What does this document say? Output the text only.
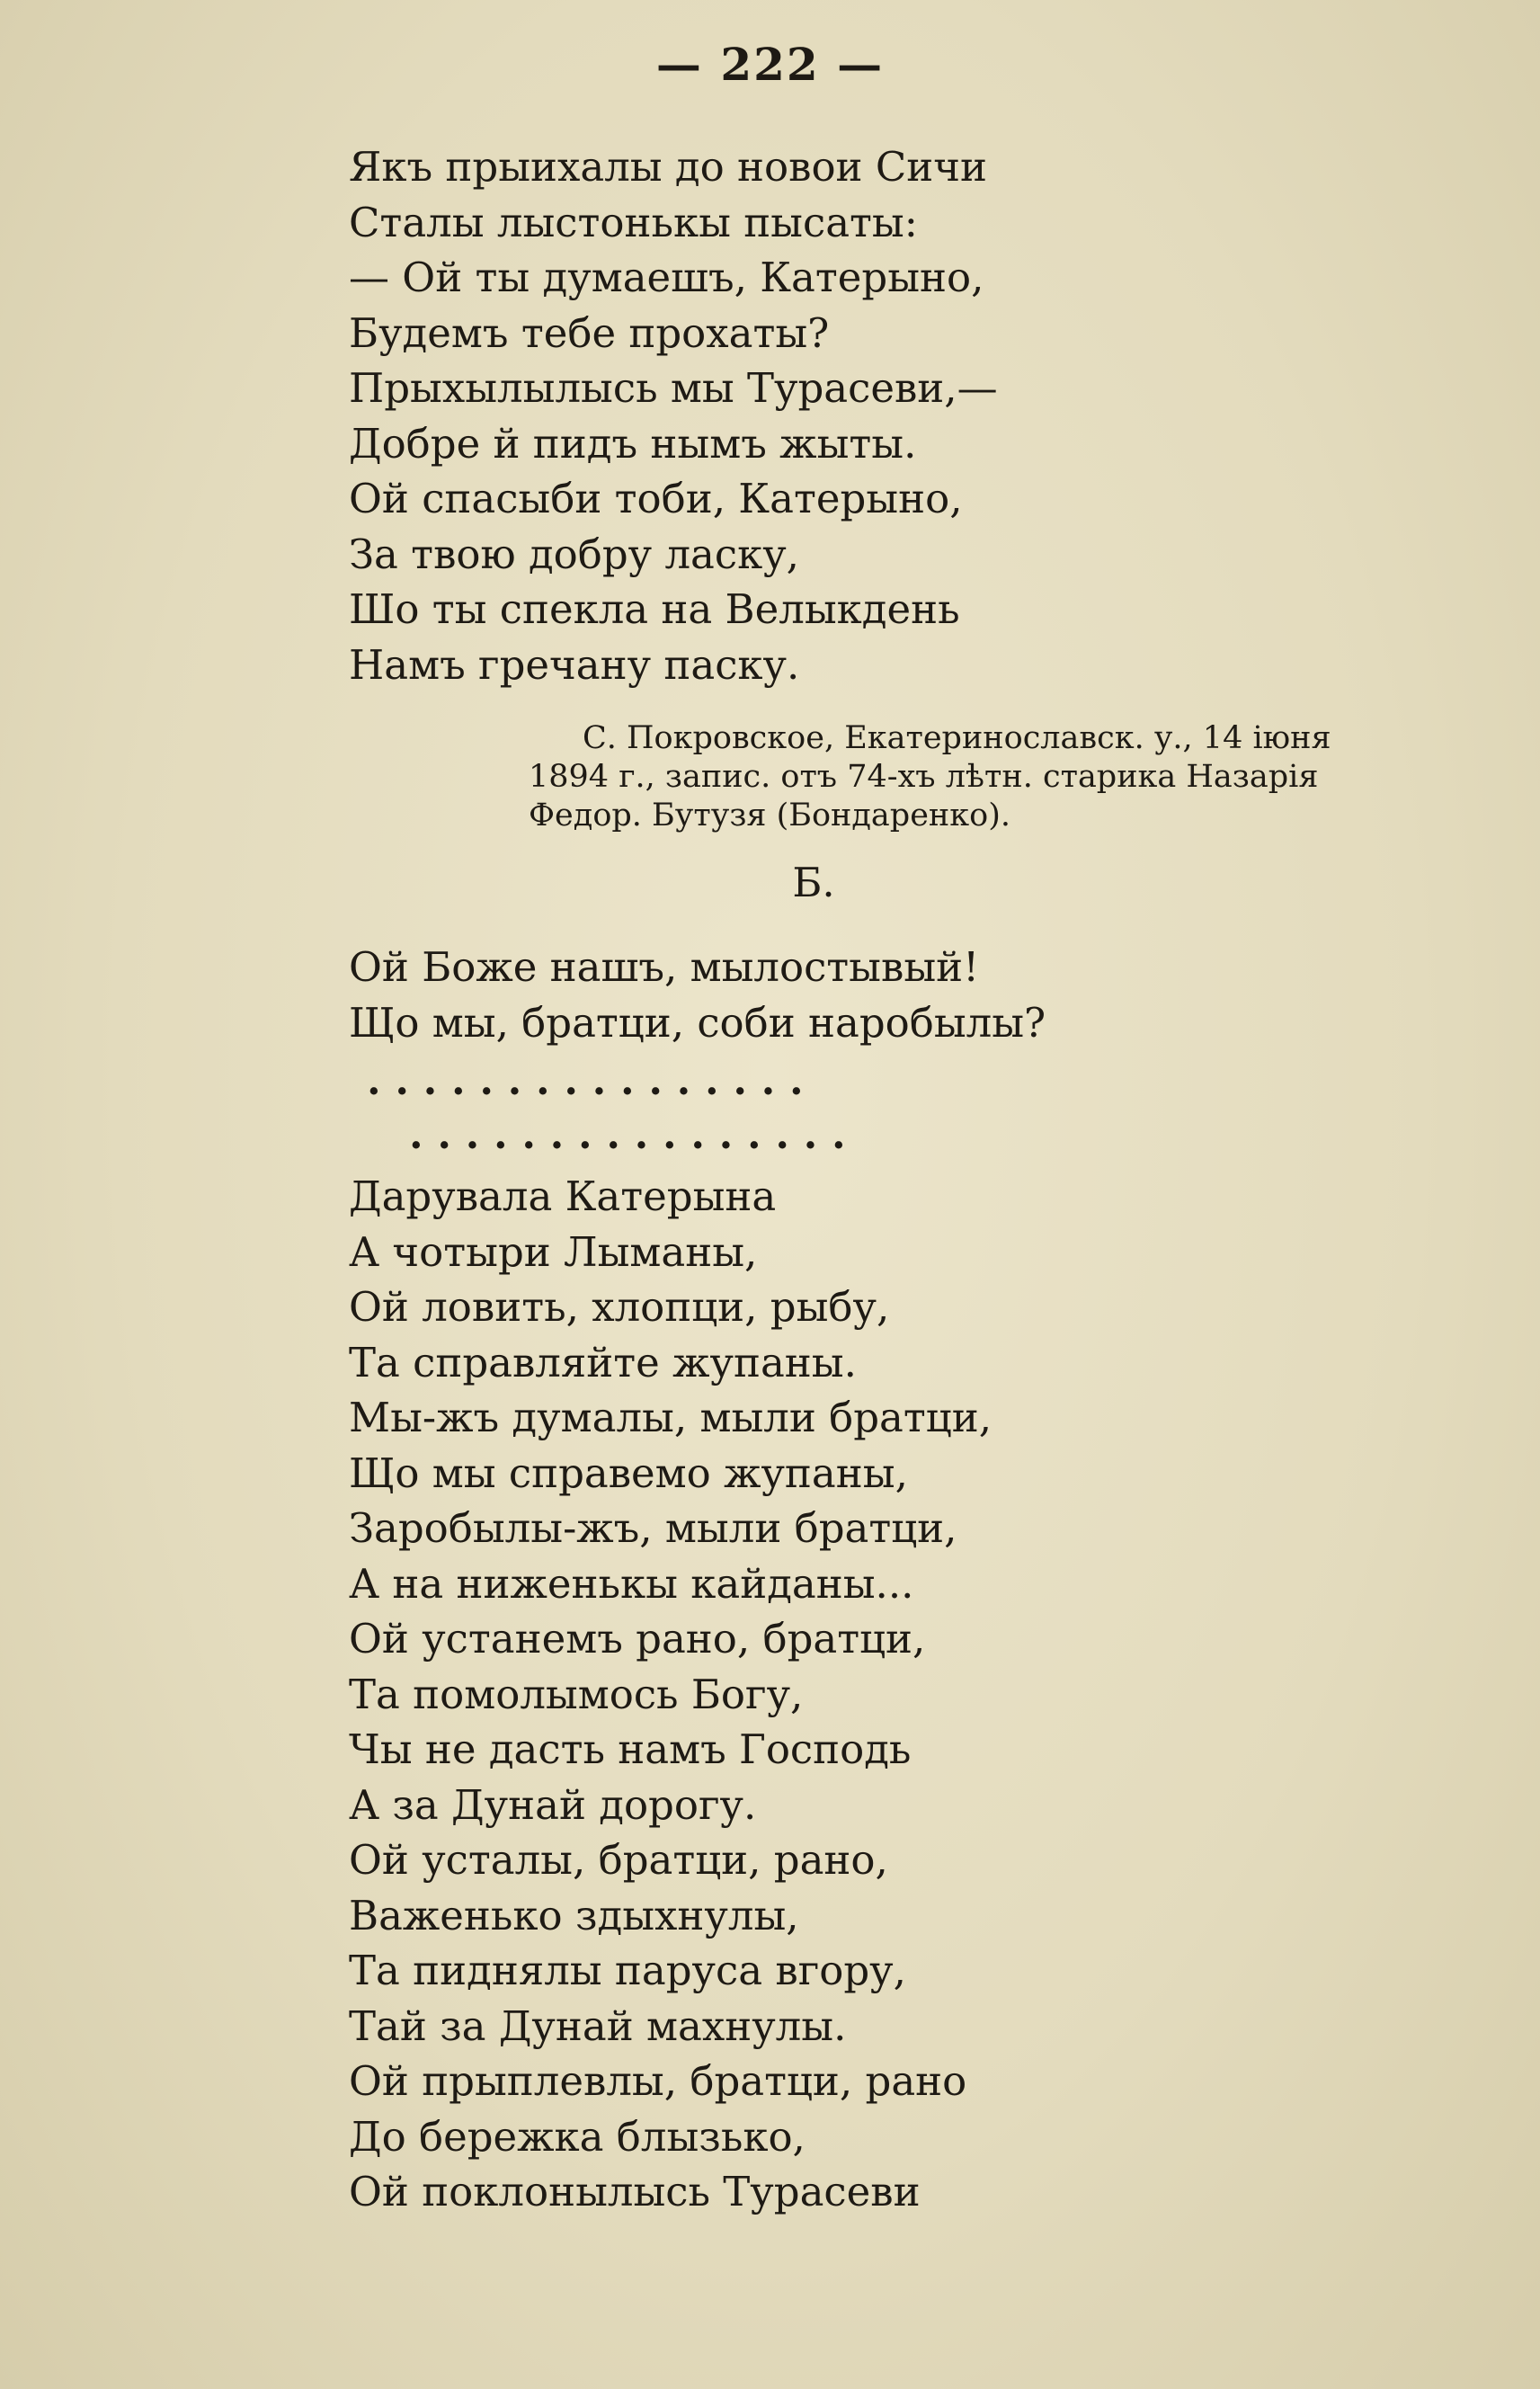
— 222 —
Якъ прыихалы до новои Сичи
Сталы лыстонькы пысаты:
— Ой ты думаешъ, Катерыно,
Будемъ тебе прохаты?
Прыхылылысь мы Турасеви,—
Добре й пидъ нымъ жыты.
Ой спасыби тоби, Катерыно,
За твою добру ласку,
Шо ты спекла на Велыкдень
Намъ гречану паску.
С. Покровское, Екатеринославск. у., 14 іюня
1894 г., запис. отъ 74-хъ лѣтн. старика Назарія
Федор. Бутузя (Бондаренко).
Б.
Ой Боже нашъ, мылостывый!
Що мы, братци, соби наробылы?
. . . . . . . . . . . . . . . .
. . . . . . . . . . . . . . . .
Дарувала Катерына
А чотыри Лыманы,
Ой ловить, хлопци, рыбу,
Та справляйте жупаны.
Мы-жъ думалы, мыли братци,
Що мы справемо жупаны,
Заробылы-жъ, мыли братци,
А на ниженькы кайданы...
Ой устанемъ рано, братци,
Та помолымось Богу,
Чы не дасть намъ Господь
А за Дунай дорогу.
Ой усталы, братци, рано,
Важенько здыхнулы,
Та пиднялы паруса вгору,
Тай за Дунай махнулы.
Ой прыплевлы, братци, рано
До бережка блызько,
Ой поклонылысь Турасеви
